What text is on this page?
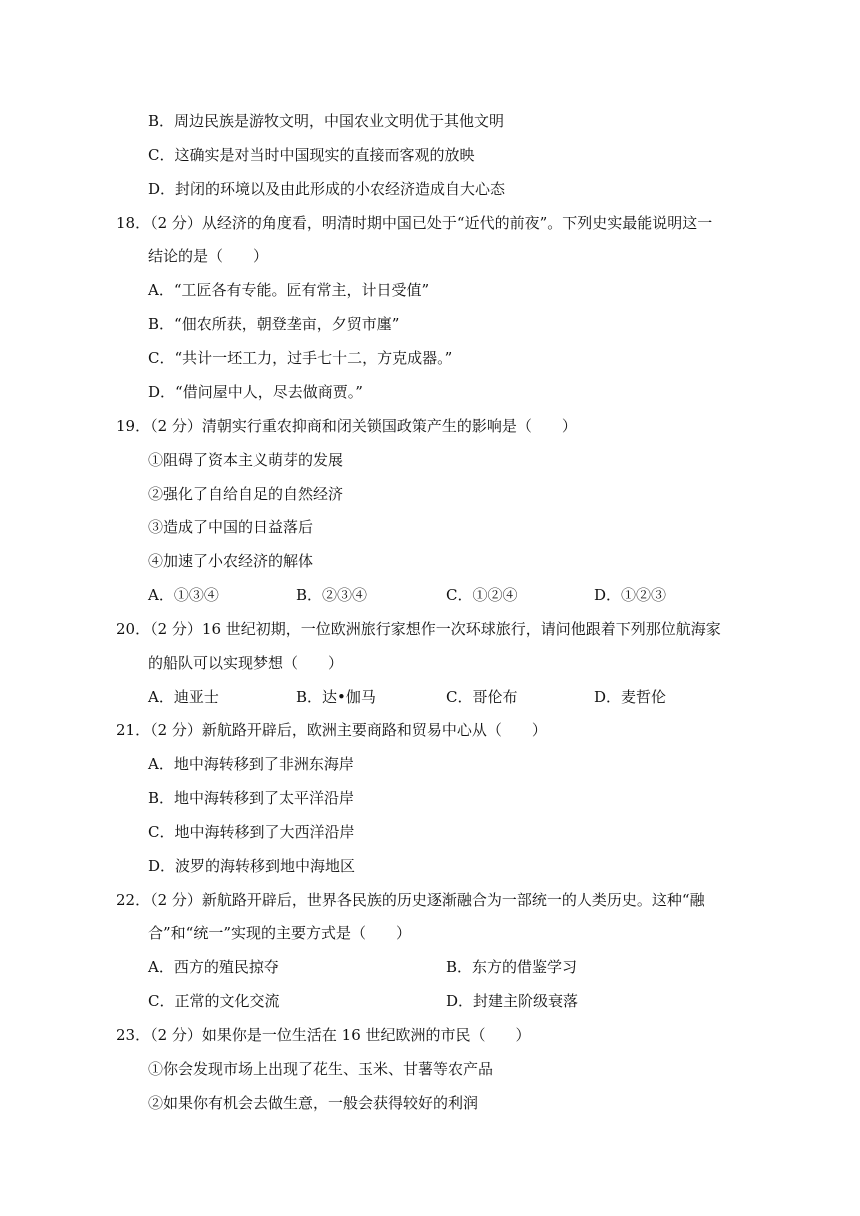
B．周边民族是游牧文明，中国农业文明优于其他文明
C．这确实是对当时中国现实的直接而客观的放映
D．封闭的环境以及由此形成的小农经济造成自大心态
18．（2 分）从经济的角度看，明清时期中国已处于“近代的前夜”。下列史实最能说明这一
结论的是（　　）
A．“工匠各有专能。匠有常主，计日受值”
B．“佃农所获，朝登垄亩，夕贸市廛”
C．“共计一坯工力，过手七十二，方克成器。”
D．“借问屋中人，尽去做商贾。”
19．（2 分）清朝实行重农抑商和闭关锁国政策产生的影响是（　　）
①阻碍了资本主义萌芽的发展
②强化了自给自足的自然经济
③造成了中国的日益落后
④加速了小农经济的解体
A．①③④	B．②③④	C．①②④	D．①②③
20．（2 分）16 世纪初期，一位欧洲旅行家想作一次环球旅行，请问他跟着下列那位航海家
的船队可以实现梦想（　　）
A．迪亚士	B．达•伽马	C．哥伦布	D．麦哲伦
21．（2 分）新航路开辟后，欧洲主要商路和贸易中心从（　　）
A．地中海转移到了非洲东海岸
B．地中海转移到了太平洋沿岸
C．地中海转移到了大西洋沿岸
D．波罗的海转移到地中海地区
22．（2 分）新航路开辟后，世界各民族的历史逐渐融合为一部统一的人类历史。这种“融
合”和“统一”实现的主要方式是（　　）
A．西方的殖民掠夺	B．东方的借鉴学习
C．正常的文化交流	D．封建主阶级衰落
23．（2 分）如果你是一位生活在 16 世纪欧洲的市民（　　）
①你会发现市场上出现了花生、玉米、甘薯等农产品
②如果你有机会去做生意，一般会获得较好的利润
